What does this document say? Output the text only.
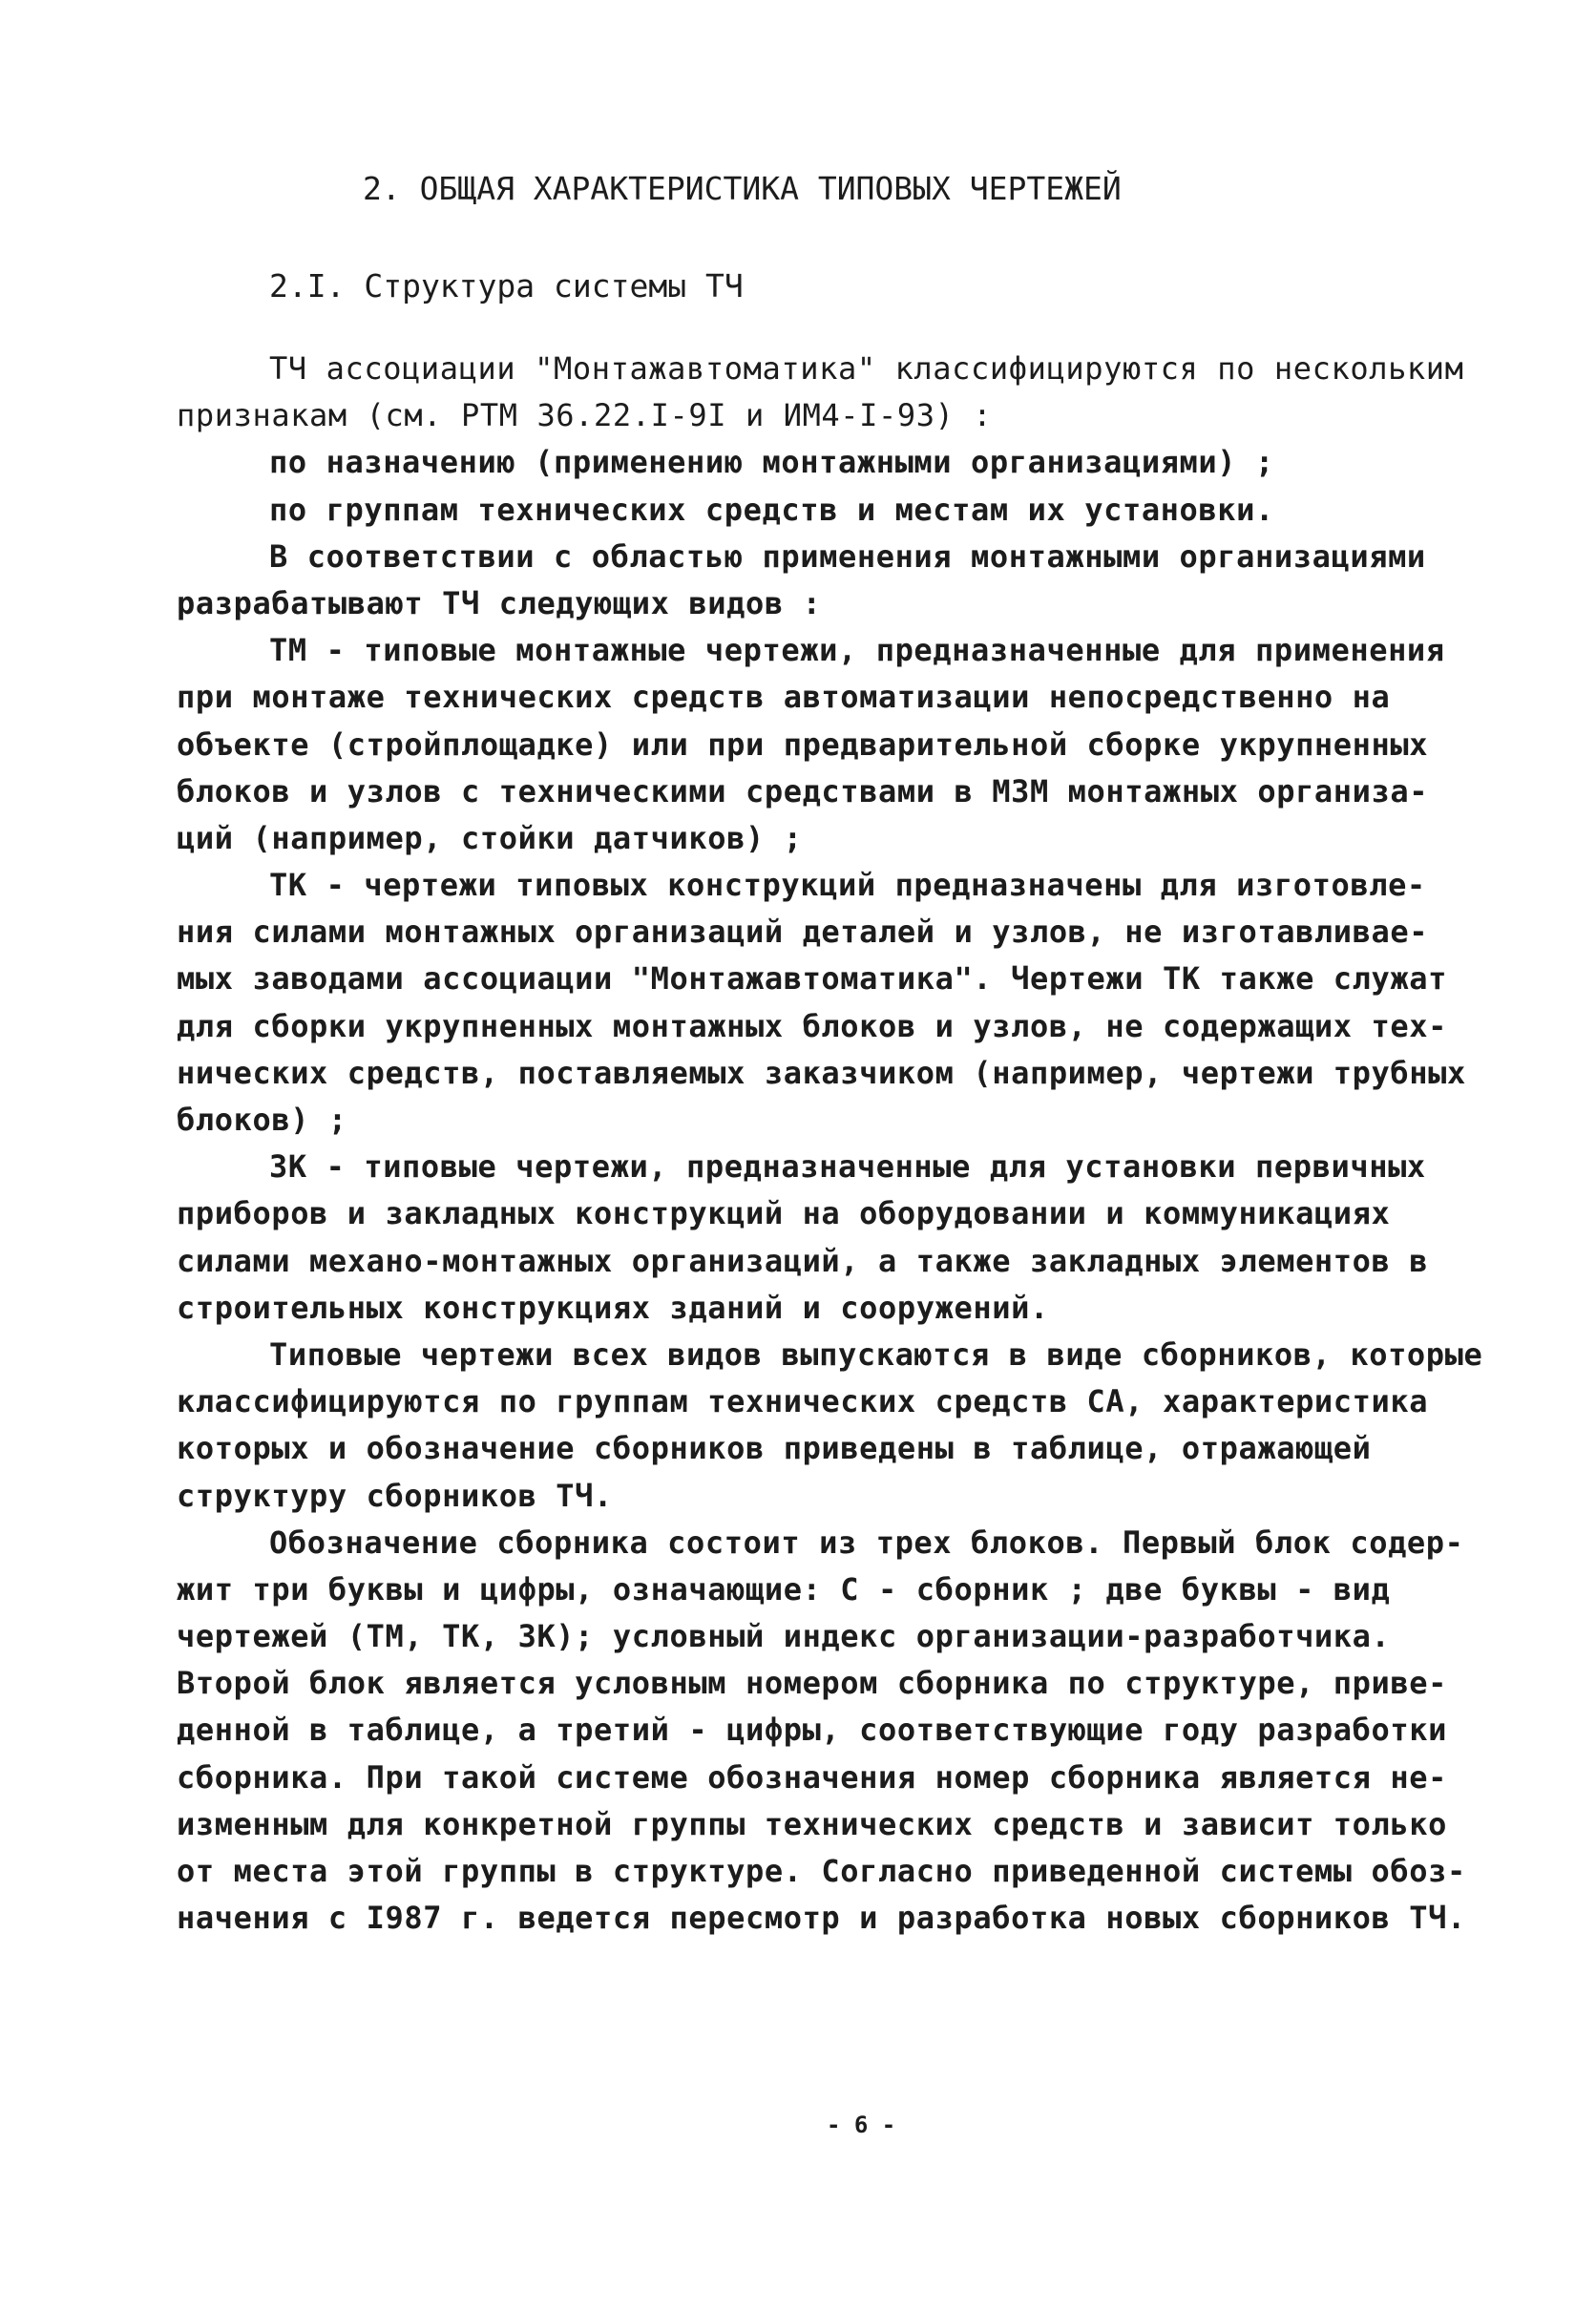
2. ОБЩАЯ ХАРАКТЕРИСТИКА ТИПОВЫХ ЧЕРТЕЖЕЙ
2.I. Структура системы ТЧ
ТЧ ассоциации "Монтажавтоматика" классифицируются по нескольким
признакам (см. РТМ 36.22.I-9I и ИМ4-I-93) :
по назначению (применению монтажными организациями) ;
по группам технических средств и местам их установки.
В соответствии с областью применения монтажными организациями
разрабатывают ТЧ следующих видов :
ТМ - типовые монтажные чертежи, предназначенные для применения
при монтаже технических средств автоматизации непосредственно на
объекте (стройплощадке) или при предварительной сборке укрупненных
блоков и узлов с техническими средствами в МЗМ монтажных организа-
ций (например, стойки датчиков) ;
ТК - чертежи типовых конструкций предназначены для изготовле-
ния силами монтажных организаций деталей и узлов, не изготавливае-
мых заводами ассоциации "Монтажавтоматика". Чертежи ТК также служат
для сборки укрупненных монтажных блоков и узлов, не содержащих тех-
нических средств, поставляемых заказчиком (например, чертежи трубных
блоков) ;
ЗК - типовые чертежи, предназначенные для установки первичных
приборов и закладных конструкций на оборудовании и коммуникациях
силами механо-монтажных организаций, а также закладных элементов в
строительных конструкциях зданий и сооружений.
Типовые чертежи всех видов выпускаются в виде сборников, которые
классифицируются по группам технических средств СА, характеристика
которых и обозначение сборников приведены в таблице, отражающей
структуру сборников ТЧ.
Обозначение сборника состоит из трех блоков. Первый блок содер-
жит три буквы и цифры, означающие: С - сборник ; две буквы - вид
чертежей (ТМ, ТК, ЗК); условный индекс организации-разработчика.
Второй блок является условным номером сборника по структуре, приве-
денной в таблице, а третий - цифры, соответствующие году разработки
сборника. При такой системе обозначения номер сборника является не-
изменным для конкретной группы технических средств и зависит только
от места этой группы в структуре. Согласно приведенной системы обоз-
начения с I987 г. ведется пересмотр и разработка новых сборников ТЧ.
- 6 -
